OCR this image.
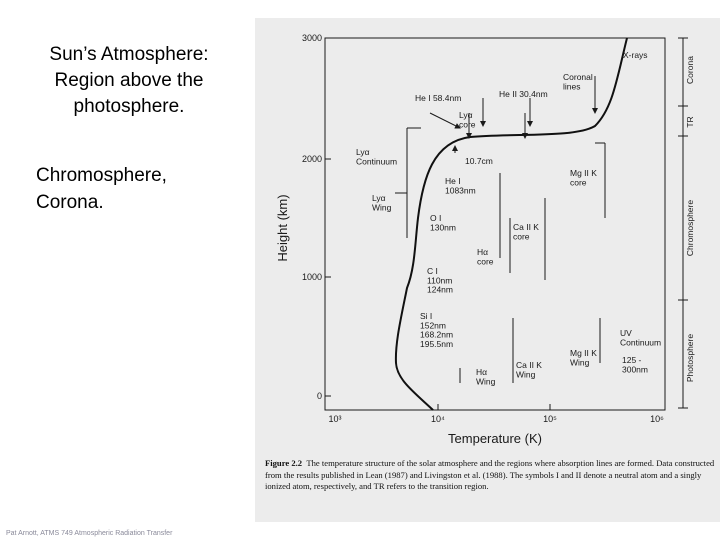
Sun’s Atmosphere:
Region above the
photosphere.
Chromosphere,
Corona.
Pat Arnott, ATMS 749 Atmospheric Radiation Transfer
3000
2000
1000
0
Height (km)
10³	10⁴	10⁵	10⁶
Temperature (K)
Corona
TR
Chromosphere
Photosphere
X-rays
Coronal lines
He I 58.4nm	He II 30.4nm
Lyα core
Lyα Continuum	10.7cm
Mg II K core
He I 1083nm
Lyα Wing
O I 130nm	Ca II K core
Hα core
C I 110nm 124nm
Si I 152nm 168.2nm 195.5nm
UV Continuum
125 -300nm
Mg II K Wing
Ca II K Wing
Hα Wing
Figure 2.2 The temperature structure of the solar atmosphere and the regions where absorption lines are formed. Data constructed from the results published in Lean (1987) and Livingston et al. (1988). The symbols I and II denote a neutral atom and a singly ionized atom, respectively, and TR refers to the transition region.
